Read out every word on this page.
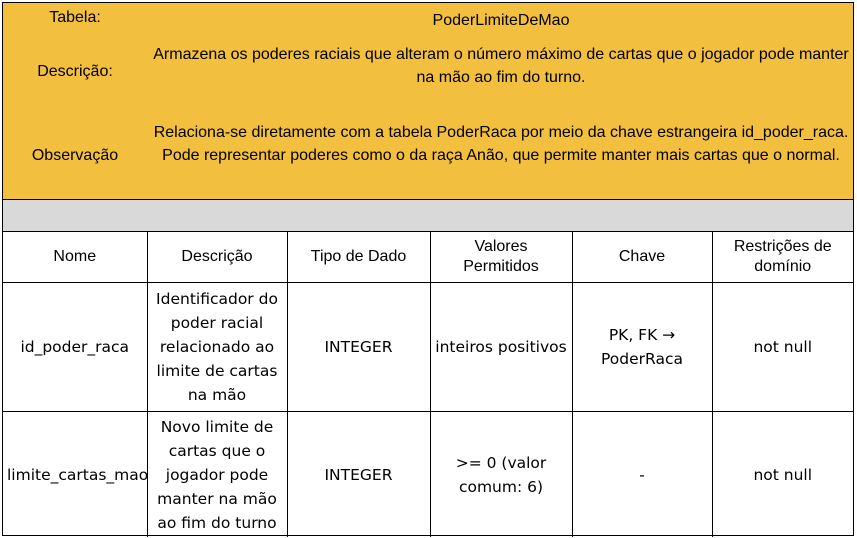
Tabela:	PoderLimiteDeMao
Descrição:
Armazena os poderes raciais que alteram o número máximo de cartas que o jogador pode manter na mão ao fim do turno.
Observação
Relaciona-se diretamente com a tabela PoderRaca por meio da chave estrangeira id_poder_raca. Pode representar poderes como o da raça Anão, que permite manter mais cartas que o normal.
Nome	Descrição	Tipo de Dado	Valores Permitidos	Chave	Restrições de domínio
id_poder_raca	Identificador do poder racial relacionado ao limite de cartas na mão	INTEGER	inteiros positivos	PK, FK → PoderRaca	not null
limite_cartas_mao	Novo limite de cartas que o jogador pode manter na mão ao fim do turno	INTEGER	>= 0 (valor comum: 6)	-	not null
